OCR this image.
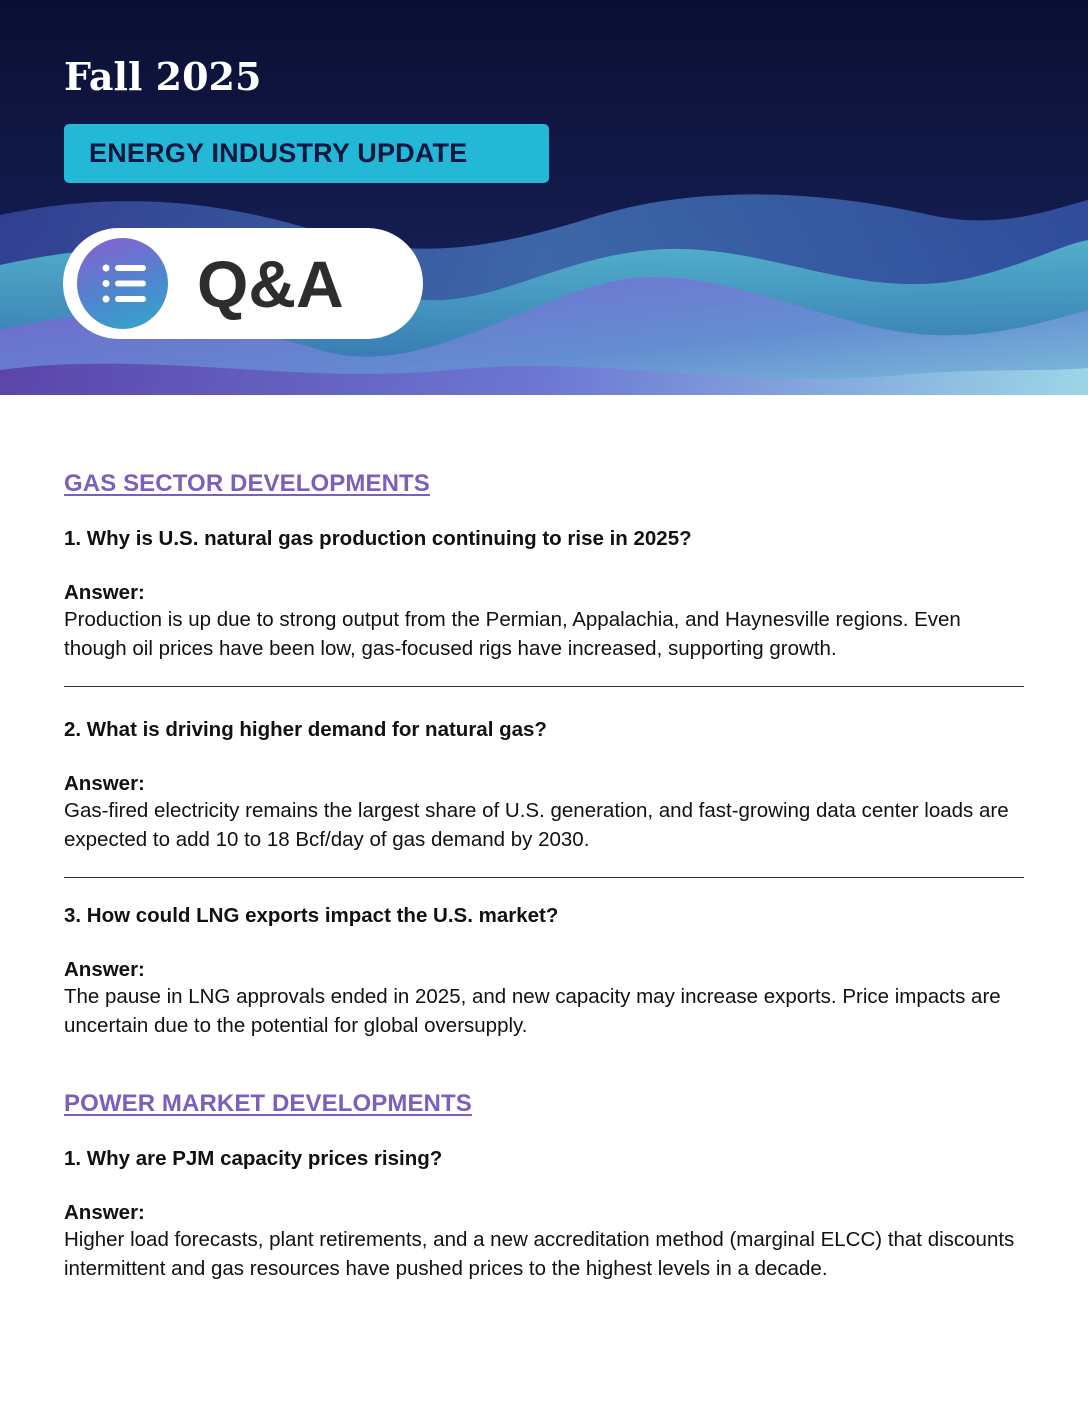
Fall 2025
ENERGY INDUSTRY UPDATE
Q&A
GAS SECTOR DEVELOPMENTS

1. Why is U.S. natural gas production continuing to rise in 2025?

Answer:

Production is up due to strong output from the Permian, Appalachia, and Haynesville regions. Even though oil prices have been low, gas-focused rigs have increased, supporting growth.

2. What is driving higher demand for natural gas?

Answer:

Gas-fired electricity remains the largest share of U.S. generation, and fast-growing data center loads are expected to add 10 to 18 Bcf/day of gas demand by 2030.

3. How could LNG exports impact the U.S. market?

Answer:

The pause in LNG approvals ended in 2025, and new capacity may increase exports. Price impacts are uncertain due to the potential for global oversupply.

POWER MARKET DEVELOPMENTS

1. Why are PJM capacity prices rising?

Answer:

Higher load forecasts, plant retirements, and a new accreditation method (marginal ELCC) that discounts intermittent and gas resources have pushed prices to the highest levels in a decade.
